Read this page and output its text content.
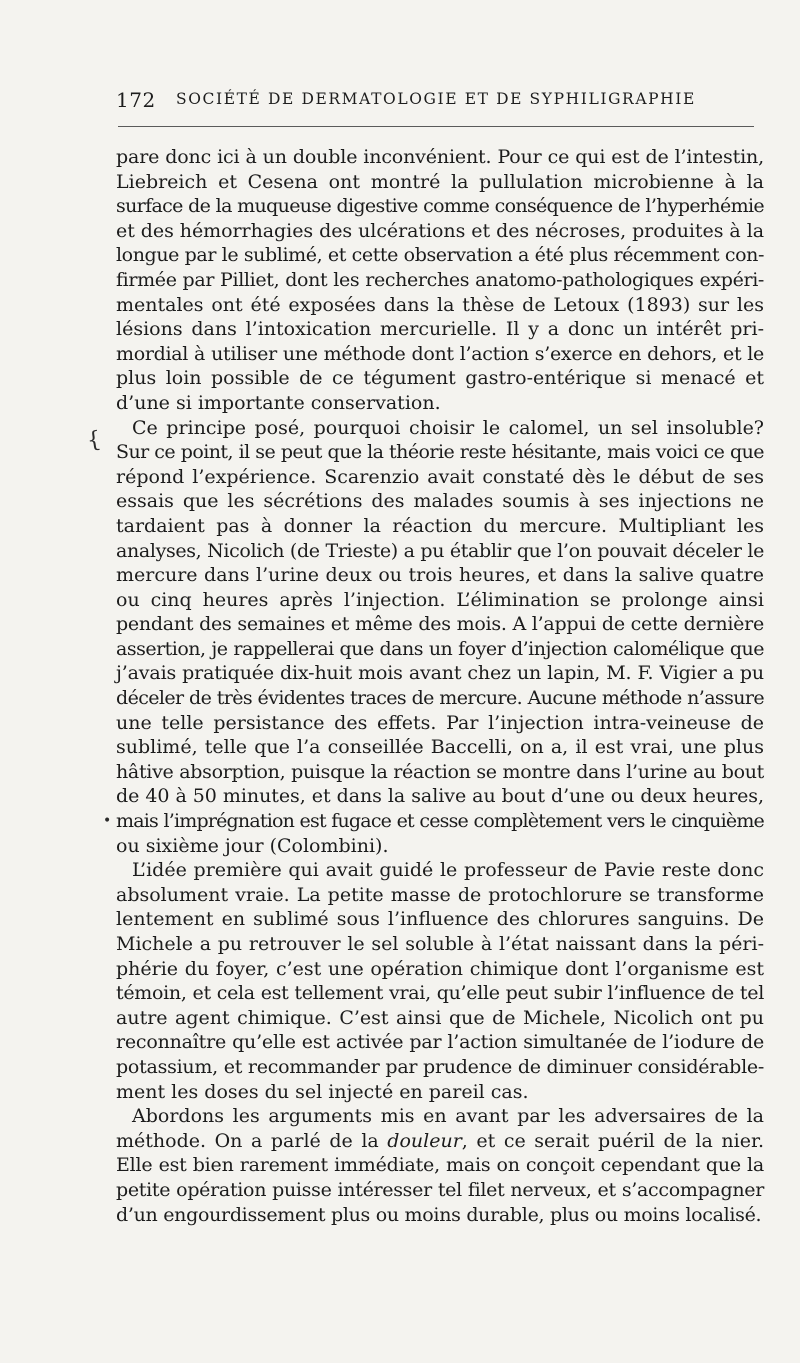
172 SOCIÉTÉ DE DERMATOLOGIE ET DE SYPHILIGRAPHIE
{
•

pare donc ici à un double inconvénient. Pour ce qui est de l’intestin,
Liebreich et Cesena ont montré la pullulation microbienne à la
surface de la muqueuse digestive comme conséquence de l’hyperhémie
et des hémorrhagies des ulcérations et des nécroses, produites à la
longue par le sublimé, et cette observation a été plus récemment con-
firmée par Pilliet, dont les recherches anatomo-pathologiques expéri-
mentales ont été exposées dans la thèse de Letoux (1893) sur les
lésions dans l’intoxication mercurielle. Il y a donc un intérêt pri-
mordial à utiliser une méthode dont l’action s’exerce en dehors, et le
plus loin possible de ce tégument gastro-entérique si menacé et
d’une si importante conservation.

Ce principe posé, pourquoi choisir le calomel, un sel insoluble?
Sur ce point, il se peut que la théorie reste hésitante, mais voici ce que
répond l’expérience. Scarenzio avait constaté dès le début de ses
essais que les sécrétions des malades soumis à ses injections ne
tardaient pas à donner la réaction du mercure. Multipliant les
analyses, Nicolich (de Trieste) a pu établir que l’on pouvait déceler le
mercure dans l’urine deux ou trois heures, et dans la salive quatre
ou cinq heures après l’injection. L’élimination se prolonge ainsi
pendant des semaines et même des mois. A l’appui de cette dernière
assertion, je rappellerai que dans un foyer d’injection calomélique que
j’avais pratiquée dix-huit mois avant chez un lapin, M. F. Vigier a pu
déceler de très évidentes traces de mercure. Aucune méthode n’assure
une telle persistance des effets. Par l’injection intra-veineuse de
sublimé, telle que l’a conseillée Baccelli, on a, il est vrai, une plus
hâtive absorption, puisque la réaction se montre dans l’urine au bout
de 40 à 50 minutes, et dans la salive au bout d’une ou deux heures,
mais l’imprégnation est fugace et cesse complètement vers le cinquième
ou sixième jour (Colombini).

L’idée première qui avait guidé le professeur de Pavie reste donc
absolument vraie. La petite masse de protochlorure se transforme
lentement en sublimé sous l’influence des chlorures sanguins. De
Michele a pu retrouver le sel soluble à l’état naissant dans la péri-
phérie du foyer, c’est une opération chimique dont l’organisme est
témoin, et cela est tellement vrai, qu’elle peut subir l’influence de tel
autre agent chimique. C’est ainsi que de Michele, Nicolich ont pu
reconnaître qu’elle est activée par l’action simultanée de l’iodure de
potassium, et recommander par prudence de diminuer considérable-
ment les doses du sel injecté en pareil cas.

Abordons les arguments mis en avant par les adversaires de la
méthode. On a parlé de la douleur, et ce serait puéril de la nier.
Elle est bien rarement immédiate, mais on conçoit cependant que la
petite opération puisse intéresser tel filet nerveux, et s’accompagner
d’un engourdissement plus ou moins durable, plus ou moins localisé.
